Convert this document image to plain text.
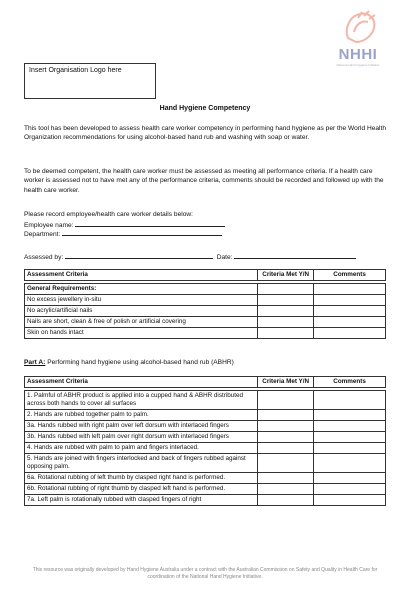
NHHI
National Hand Hygiene Initiative
Insert Organisation Logo here
Hand Hygiene Competency
This tool has been developed to assess health care worker competency in performing hand hygiene as per the World Health Organization recommendations for using alcohol-based hand rub and washing with soap or water.
To be deemed competent, the health care worker must be assessed as meeting all performance criteria. If a health care worker is assessed not to have met any of the performance criteria, comments should be recorded and followed up with the health care worker.
Please record employee/health care worker details below:
Employee name:
Department:
Assessed by:	Date:
Assessment Criteria	Criteria Met Y/N	Comments

General Requirements:		
No excess jewellery in-situ		
No acrylic/artificial nails		
Nails are short, clean & free of polish or artificial covering		
Skin on hands intact		
Part A: Performing hand hygiene using alcohol-based hand rub (ABHR)
Assessment Criteria	Criteria Met Y/N	Comments

1. Palmful of ABHR product is applied into a cupped hand & ABHR distributed across both hands to cover all surfaces		
2. Hands are rubbed together palm to palm.		
3a. Hands rubbed with right palm over left dorsum with interlaced fingers		
3b. Hands rubbed with left palm over right dorsum with interlaced fingers		
4. Hands are rubbed with palm to palm and fingers interlaced.		
5. Hands are joined with fingers interlocked and back of fingers rubbed against opposing palm.		
6a. Rotational rubbing of left thumb by clasped right hand is performed.		
6b. Rotational rubbing of right thumb by clasped left hand is performed.		
7a. Left palm is rotationally rubbed with clasped fingers of right		
This resource was originally developed by Hand Hygiene Australia under a contract with the Australian Commission on Safety and Quality in Health Care for coordination of the National Hand Hygiene Initiative.
